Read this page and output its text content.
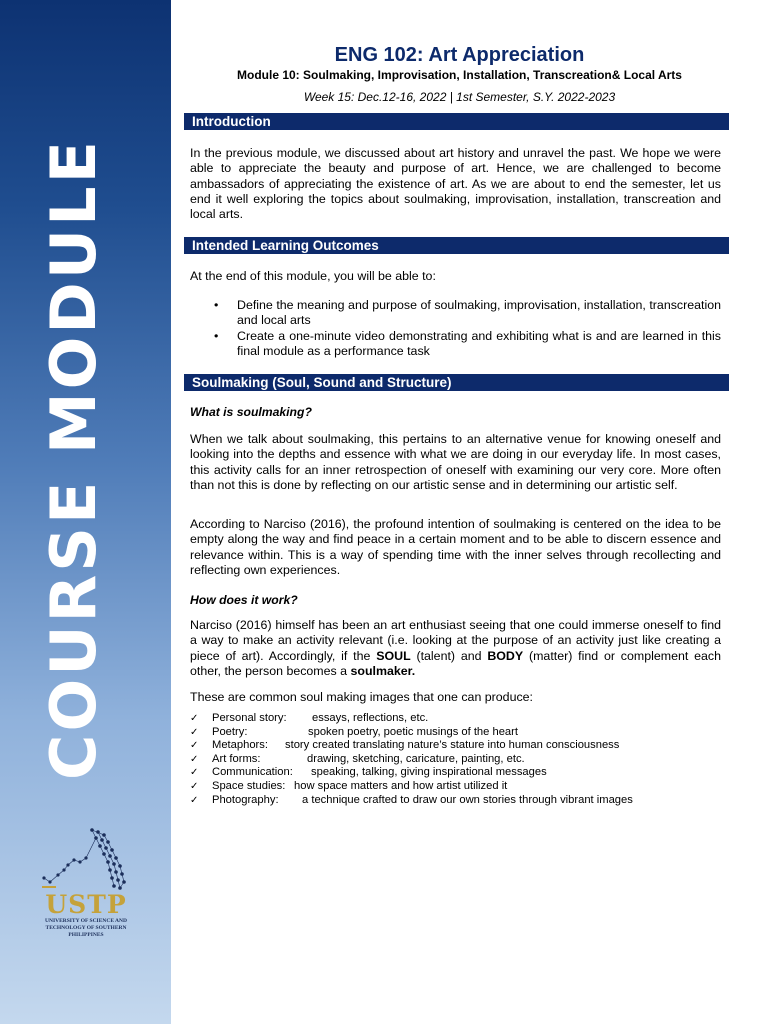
COURSE MODULE
USTP
UNIVERSITY OF SCIENCE AND TECHNOLOGY OF SOUTHERN PHILIPPINES
ENG 102: Art Appreciation
Module 10: Soulmaking, Improvisation, Installation, Transcreation& Local Arts
Week 15: Dec.12-16, 2022 | 1st Semester, S.Y. 2022-2023
Introduction
In the previous module, we discussed about art history and unravel the past. We hope we were able to appreciate the beauty and purpose of art. Hence, we are challenged to become ambassadors of appreciating the existence of art. As we are about to end the semester, let us end it well exploring the topics about soulmaking, improvisation, installation, transcreation and local arts.
Intended Learning Outcomes
At the end of this module, you will be able to:
• Define the meaning and purpose of soulmaking, improvisation, installation, transcreation and local arts
• Create a one-minute video demonstrating and exhibiting what is and are learned in this final module as a performance task
Soulmaking (Soul, Sound and Structure)
What is soulmaking?
When we talk about soulmaking, this pertains to an alternative venue for knowing oneself and looking into the depths and essence with what we are doing in our everyday life. In most cases, this activity calls for an inner retrospection of oneself with examining our very core. More often than not this is done by reflecting on our artistic sense and in determining our artistic self.
According to Narciso (2016), the profound intention of soulmaking is centered on the idea to be empty along the way and find peace in a certain moment and to be able to discern essence and relevance within. This is a way of spending time with the inner selves through recollecting and reflecting own experiences.
How does it work?
Narciso (2016) himself has been an art enthusiast seeing that one could immerse oneself to find a way to make an activity relevant (i.e. looking at the purpose of an activity just like creating a piece of art). Accordingly, if the SOUL (talent) and BODY (matter) find or complement each other, the person becomes a soulmaker.
These are common soul making images that one can produce:
✓ Personal story: essays, reflections, etc.
✓ Poetry:	spoken poetry, poetic musings of the heart
✓ Metaphors: story created translating nature’s stature into human consciousness
✓ Art forms:	drawing, sketching, caricature, painting, etc.
✓ Communication: speaking, talking, giving inspirational messages
✓ Space studies: how space matters and how artist utilized it
✓ Photography: a technique crafted to draw our own stories through vibrant images
